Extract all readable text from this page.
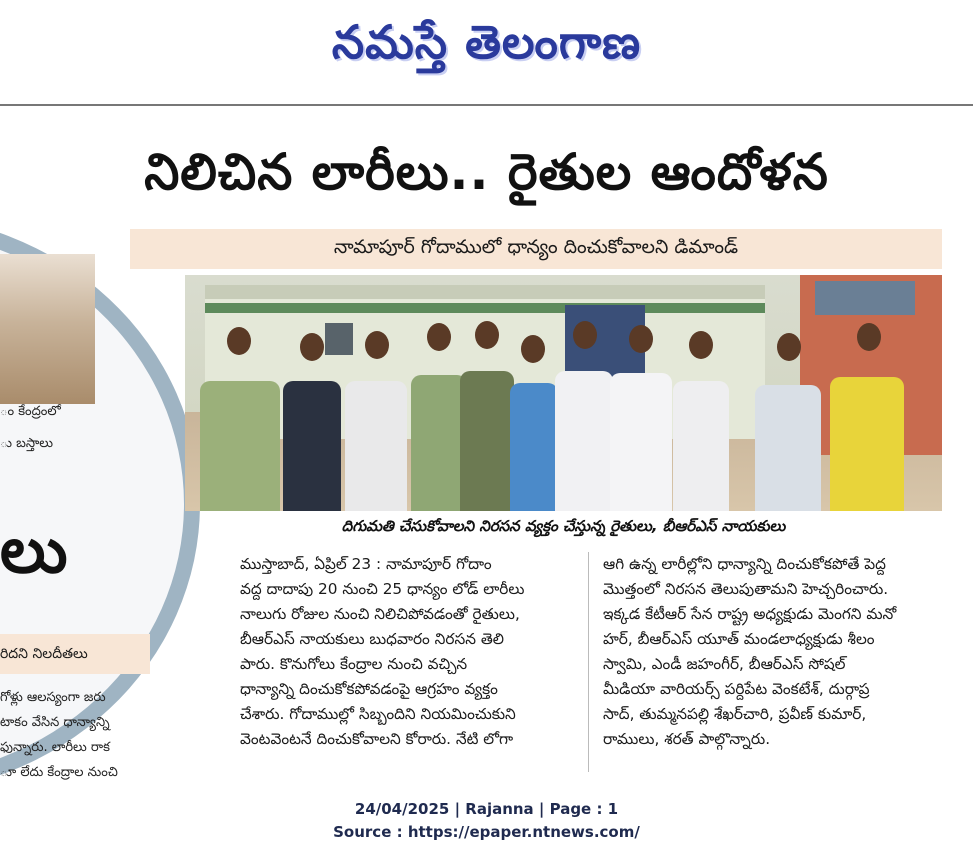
నమస్తే తెలంగాణ
ం కేంద్రంలో
ు బస్తాలు
లు
రిదని నిలదీతలు
గోళ్లు ఆలస్యంగా జరు
టాకం వేసిన ధాన్యాన్ని
ఫున్నారు. లారీలు రాక
ూ లేదు కేంద్రాల నుంచి
నిలిచిన లారీలు.. రైతుల ఆందోళన
నామాపూర్ గోదాములో ధాన్యం దించుకోవాలని డిమాండ్
దిగుమతి చేసుకోవాలని నిరసన వ్యక్తం చేస్తున్న రైతులు, బీఆర్ఎస్ నాయకులు
ముస్తాబాద్, ఏప్రిల్ 23 : నామాపూర్ గోదాం
వద్ద దాదాపు 20 నుంచి 25 ధాన్యం లోడ్ లారీలు
నాలుగు రోజుల నుంచి నిలిచిపోవడంతో రైతులు,
బీఆర్ఎస్ నాయకులు బుధవారం నిరసన తెలి
పారు. కొనుగోలు కేంద్రాల నుంచి వచ్చిన
ధాన్యాన్ని దించుకోకపోవడంపై ఆగ్రహం వ్యక్తం
చేశారు. గోదాముల్లో సిబ్బందిని నియమించుకుని
వెంటవెంటనే దించుకోవాలని కోరారు. నేటి లోగా
ఆగి ఉన్న లారీల్లోని ధాన్యాన్ని దించుకోకపోతే పెద్ద
మొత్తంలో నిరసన తెలుపుతామని హెచ్చరించారు.
ఇక్కడ కేటీఆర్ సేన రాష్ట్ర అధ్యక్షుడు మెంగని మనో
హర్, బీఆర్ఎస్ యూత్ మండలాధ్యక్షుడు శీలం
స్వామి, ఎండీ జహంగీర్, బీఆర్ఎస్ సోషల్
మీడియా వారియర్స్ పర్దిపేట వెంకటేశ్, దుర్గాప్ర
సాద్, తుమ్మనపల్లి శేఖర్‌చారి, ప్రవీణ్ కుమార్,
రాములు, శరత్ పాల్గొన్నారు.
24/04/2025 | Rajanna | Page : 1
Source : https://epaper.ntnews.com/
